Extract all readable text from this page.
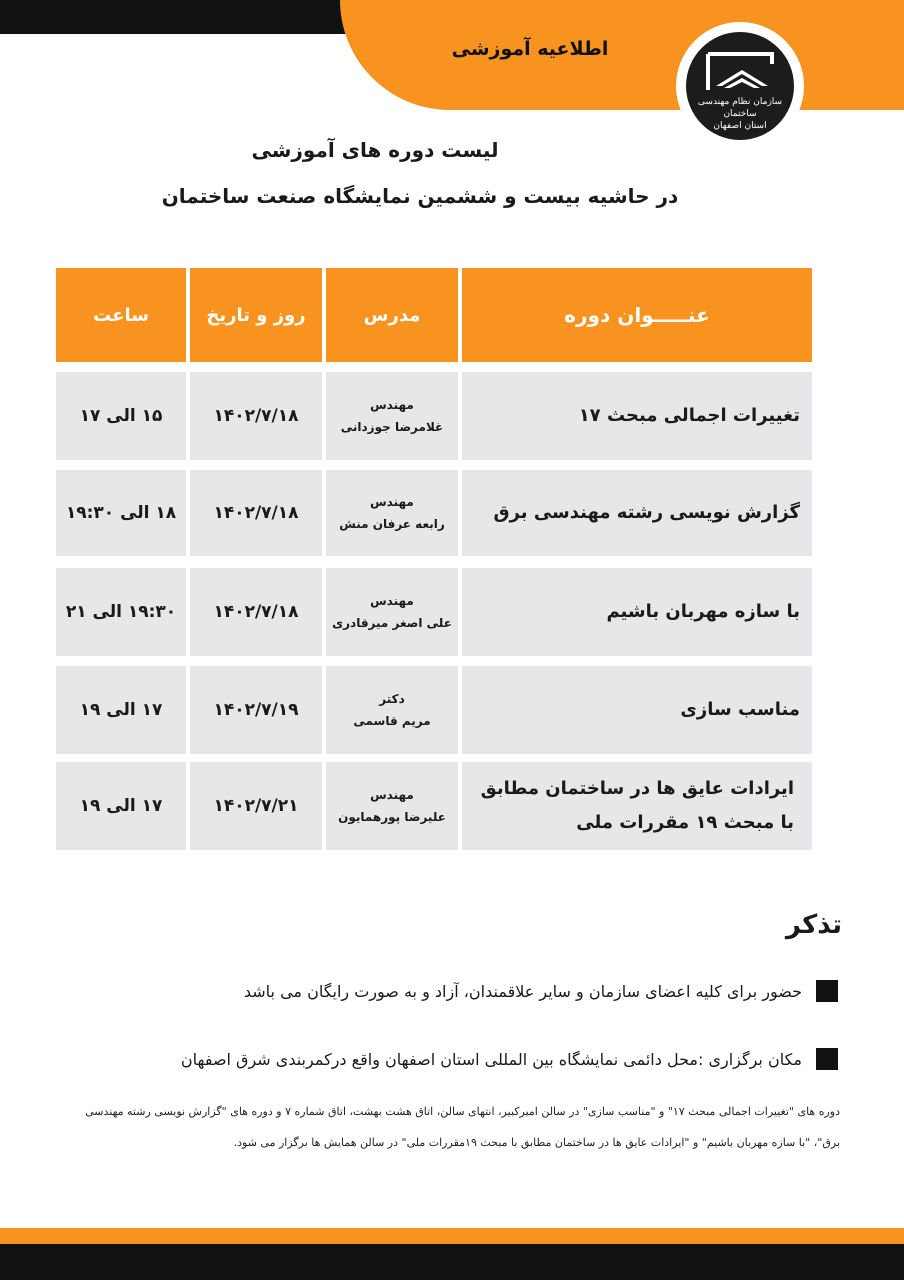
اطلاعیه آموزشی
سازمان نظام مهندسی ساختمان
استان اصفهان
لیست دوره های آموزشی
در حاشیه بیست و ششمین نمایشگاه صنعت ساختمان
عنـــــوان دوره
مدرس
روز و تاریخ
ساعت
تغییرات اجمالی مبحث ۱۷
مهندس
غلامرضا جوزدانی
۱۴۰۲/۷/۱۸
۱۵ الی ۱۷
گزارش نویسی رشته مهندسی برق
مهندس
رابعه عرفان منش
۱۴۰۲/۷/۱۸
۱۸ الی ۱۹:۳۰
با سازه مهربان باشیم
مهندس
علی اصغر میرقادری
۱۴۰۲/۷/۱۸
۱۹:۳۰ الی ۲۱
مناسب سازی
دکتر
مریم قاسمی
۱۴۰۲/۷/۱۹
۱۷ الی ۱۹
ایرادات عایق ها در ساختمان مطابق با مبحث ۱۹ مقررات ملی
مهندس
علیرضا پورهمایون
۱۴۰۲/۷/۲۱
۱۷ الی ۱۹
تذکر
حضور برای کلیه اعضای سازمان و سایر علاقمندان، آزاد و به صورت رایگان می باشد
مکان برگزاری :محل دائمی نمایشگاه بین المللی استان اصفهان واقع درکمربندی شرق اصفهان
دوره های "تغییرات اجمالی مبحث ۱۷" و "مناسب سازی" در سالن امیرکبیر، انتهای سالن، اتاق هشت بهشت، اتاق شماره ۷ و دوره های "گزارش نویسی رشته مهندسی برق"، "با سازه مهربان باشیم" و "ایرادات عایق ها در ساختمان مطابق با مبحث ۱۹مقررات ملی" در سالن همایش ها برگزار می شود.
